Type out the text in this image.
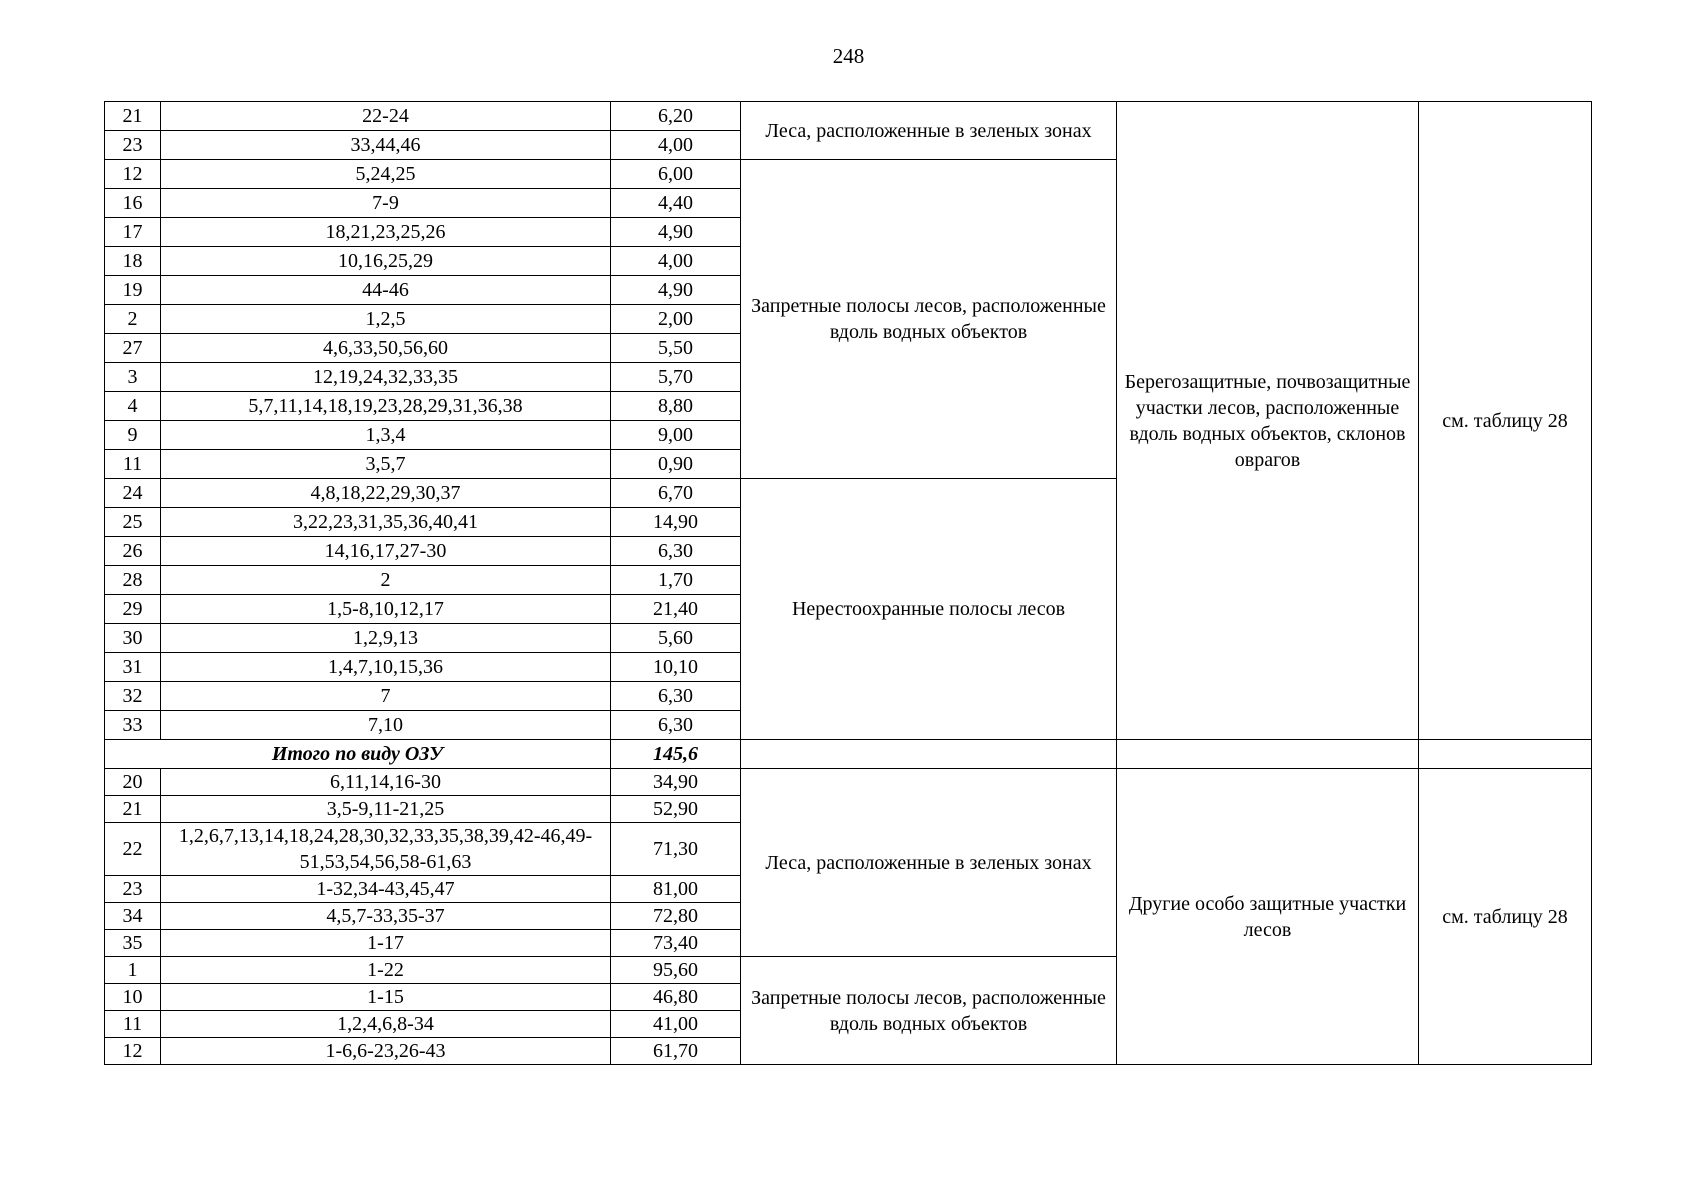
248
21	22-24	6,20	Леса, расположенные в зеленых зонах	Берегозащитные, почвозащитные участки лесов, расположенные вдоль водных объектов, склонов оврагов	см. таблицу 28
23	33,44,46	4,00			
12	5,24,25	6,00	Запретные полосы лесов, расположенные вдоль водных объектов		
16	7-9	4,40			
17	18,21,23,25,26	4,90			
18	10,16,25,29	4,00			
19	44-46	4,90			
2	1,2,5	2,00			
27	4,6,33,50,56,60	5,50			
3	12,19,24,32,33,35	5,70			
4	5,7,11,14,18,19,23,28,29,31,36,38	8,80			
9	1,3,4	9,00			
11	3,5,7	0,90			
24	4,8,18,22,29,30,37	6,70	Нерестоохранные полосы лесов		
25	3,22,23,31,35,36,40,41	14,90			
26	14,16,17,27-30	6,30			
28	2	1,70			
29	1,5-8,10,12,17	21,40			
30	1,2,9,13	5,60			
31	1,4,7,10,15,36	10,10			
32	7	6,30			
33	7,10	6,30			
Итого по виду ОЗУ		145,6			
20	6,11,14,16-30	34,90	Леса, расположенные в зеленых зонах	Другие особо защитные участки лесов	см. таблицу 28
21	3,5-9,11-21,25	52,90			
22	1,2,6,7,13,14,18,24,28,30,32,33,35,38,39,42-46,49-51,53,54,56,58-61,63	71,30			
23	1-32,34-43,45,47	81,00			
34	4,5,7-33,35-37	72,80			
35	1-17	73,40			
1	1-22	95,60	Запретные полосы лесов, расположенные вдоль водных объектов		
10	1-15	46,80			
11	1,2,4,6,8-34	41,00			
12	1-6,6-23,26-43	61,70			
